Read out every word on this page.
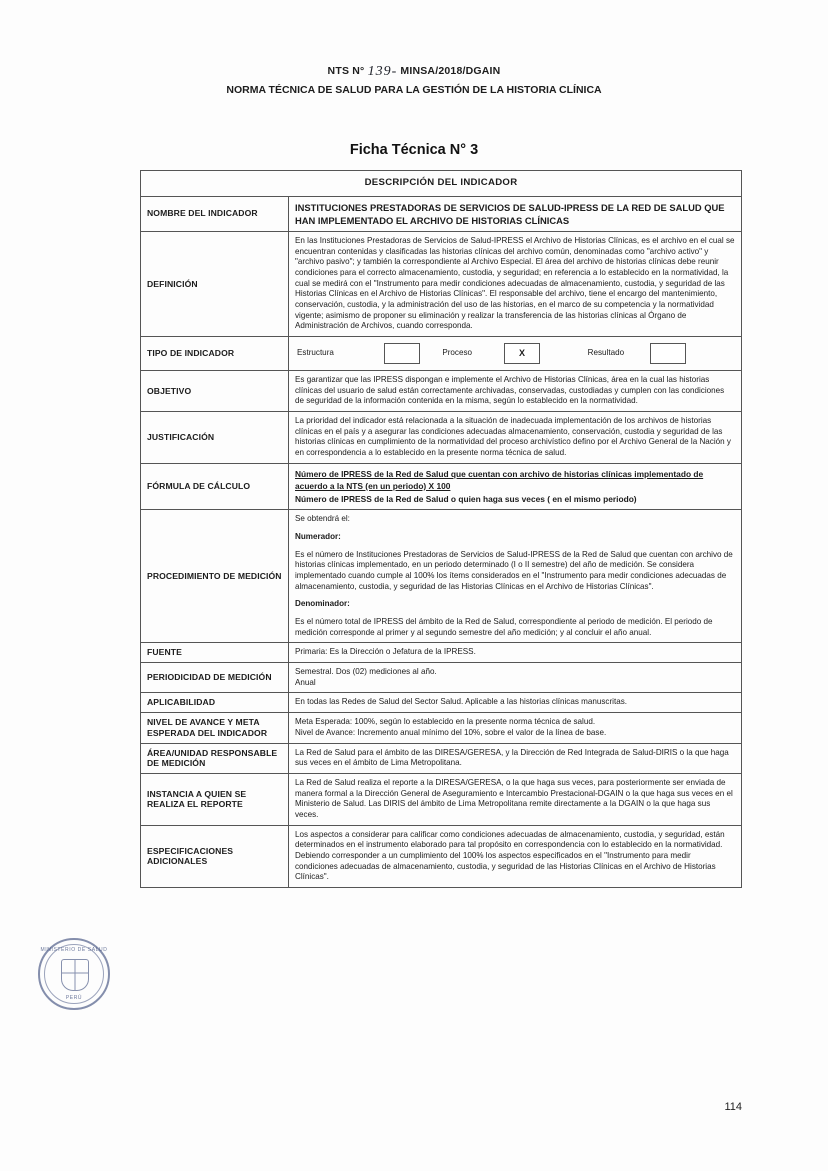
NTS N° 139- MINSA/2018/DGAIN
NORMA TÉCNICA DE SALUD PARA LA GESTIÓN DE LA HISTORIA CLÍNICA
Ficha Técnica N° 3
DESCRIPCIÓN DEL INDICADOR	
NOMBRE DEL INDICADOR	INSTITUCIONES PRESTADORAS DE SERVICIOS DE SALUD-IPRESS DE LA RED DE SALUD QUE HAN IMPLEMENTADO EL ARCHIVO DE HISTORIAS CLÍNICAS
DEFINICIÓN	En las Instituciones Prestadoras de Servicios de Salud-IPRESS el Archivo de Historias Clínicas, es el archivo en el cual se encuentran contenidas y clasificadas las historias clínicas del archivo común, denominadas como "archivo activo" y "archivo pasivo"; y también la correspondiente al Archivo Especial. El área del archivo de historias clínicas debe reunir condiciones para el correcto almacenamiento, custodia, y seguridad; en referencia a lo establecido en la normatividad, la cual se medirá con el "Instrumento para medir condiciones adecuadas de almacenamiento, custodia, y seguridad de las Historias Clínicas en el Archivo de Historias Clínicas". El responsable del archivo, tiene el encargo del mantenimiento, conservación, custodia, y la administración del uso de las historias, en el marco de su competencia y la normatividad vigente; asimismo de proponer su eliminación y realizar la transferencia de las historias clínicas al Órgano de Administración de Archivos, cuando corresponda.
TIPO DE INDICADOR	Estructura Proceso X Resultado

OBJETIVO	Es garantizar que las IPRESS dispongan e implemente el Archivo de Historias Clínicas, área en la cual las historias clínicas del usuario de salud están correctamente archivadas, conservadas, custodiadas y cumplen con las condiciones de seguridad de la información contenida en la misma, según lo establecido en la normatividad.
JUSTIFICACIÓN	La prioridad del indicador está relacionada a la situación de inadecuada implementación de los archivos de historias clínicas en el país y a asegurar las condiciones adecuadas almacenamiento, conservación, custodia y seguridad de las historias clínicas en cumplimiento de la normatividad del proceso archivístico defino por el Archivo General de la Nación y en correspondencia a lo establecido en la presente norma técnica de salud.
FÓRMULA DE CÁLCULO	Número de IPRESS de la Red de Salud que cuentan con archivo de historias clínicas implementado de acuerdo a la NTS (en un periodo) X 100
Número de IPRESS de la Red de Salud o quien haga sus veces ( en el mismo periodo)

PROCEDIMIENTO DE MEDICIÓN	Se obtendrá el:

Numerador:

Es el número de Instituciones Prestadoras de Servicios de Salud-IPRESS de la Red de Salud que cuentan con archivo de historias clínicas implementado, en un periodo determinado (I o II semestre) del año de medición. Se considera implementado cuando cumple al 100% los ítems considerados en el "Instrumento para medir condiciones adecuadas de almacenamiento, custodia, y seguridad de las Historias Clínicas en el Archivo de Historias Clínicas".

Denominador:

Es el número total de IPRESS del ámbito de la Red de Salud, correspondiente al periodo de medición. El periodo de medición corresponde al primer y al segundo semestre del año medición; y al concluir el año anual.

FUENTE	Primaria: Es la Dirección o Jefatura de la IPRESS.
PERIODICIDAD DE MEDICIÓN	Semestral. Dos (02) mediciones al año.

Anual

APLICABILIDAD	En todas las Redes de Salud del Sector Salud. Aplicable a las historias clínicas manuscritas.
NIVEL DE AVANCE Y META ESPERADA DEL INDICADOR	Meta Esperada: 100%, según lo establecido en la presente norma técnica de salud.

Nivel de Avance: Incremento anual mínimo del 10%, sobre el valor de la línea de base.

ÁREA/UNIDAD RESPONSABLE DE MEDICIÓN	La Red de Salud para el ámbito de las DIRESA/GERESA, y la Dirección de Red Integrada de Salud-DIRIS o la que haga sus veces en el ámbito de Lima Metropolitana.
INSTANCIA A QUIEN SE REALIZA EL REPORTE	La Red de Salud realiza el reporte a la DIRESA/GERESA, o la que haga sus veces, para posteriormente ser enviada de manera formal a la Dirección General de Aseguramiento e Intercambio Prestacional-DGAIN o la que haga sus veces en el Ministerio de Salud. Las DIRIS del ámbito de Lima Metropolitana remite directamente a la DGAIN o la que haga sus veces.
ESPECIFICACIONES ADICIONALES	Los aspectos a considerar para calificar como condiciones adecuadas de almacenamiento, custodia, y seguridad, están determinados en el instrumento elaborado para tal propósito en correspondencia con lo establecido en la normatividad. Debiendo corresponder a un cumplimiento del 100% los aspectos especificados en el "Instrumento para medir condiciones adecuadas de almacenamiento, custodia, y seguridad de las Historias Clínicas en el Archivo de Historias Clínicas".
MINISTERIO DE SALUD
PERÚ
114
